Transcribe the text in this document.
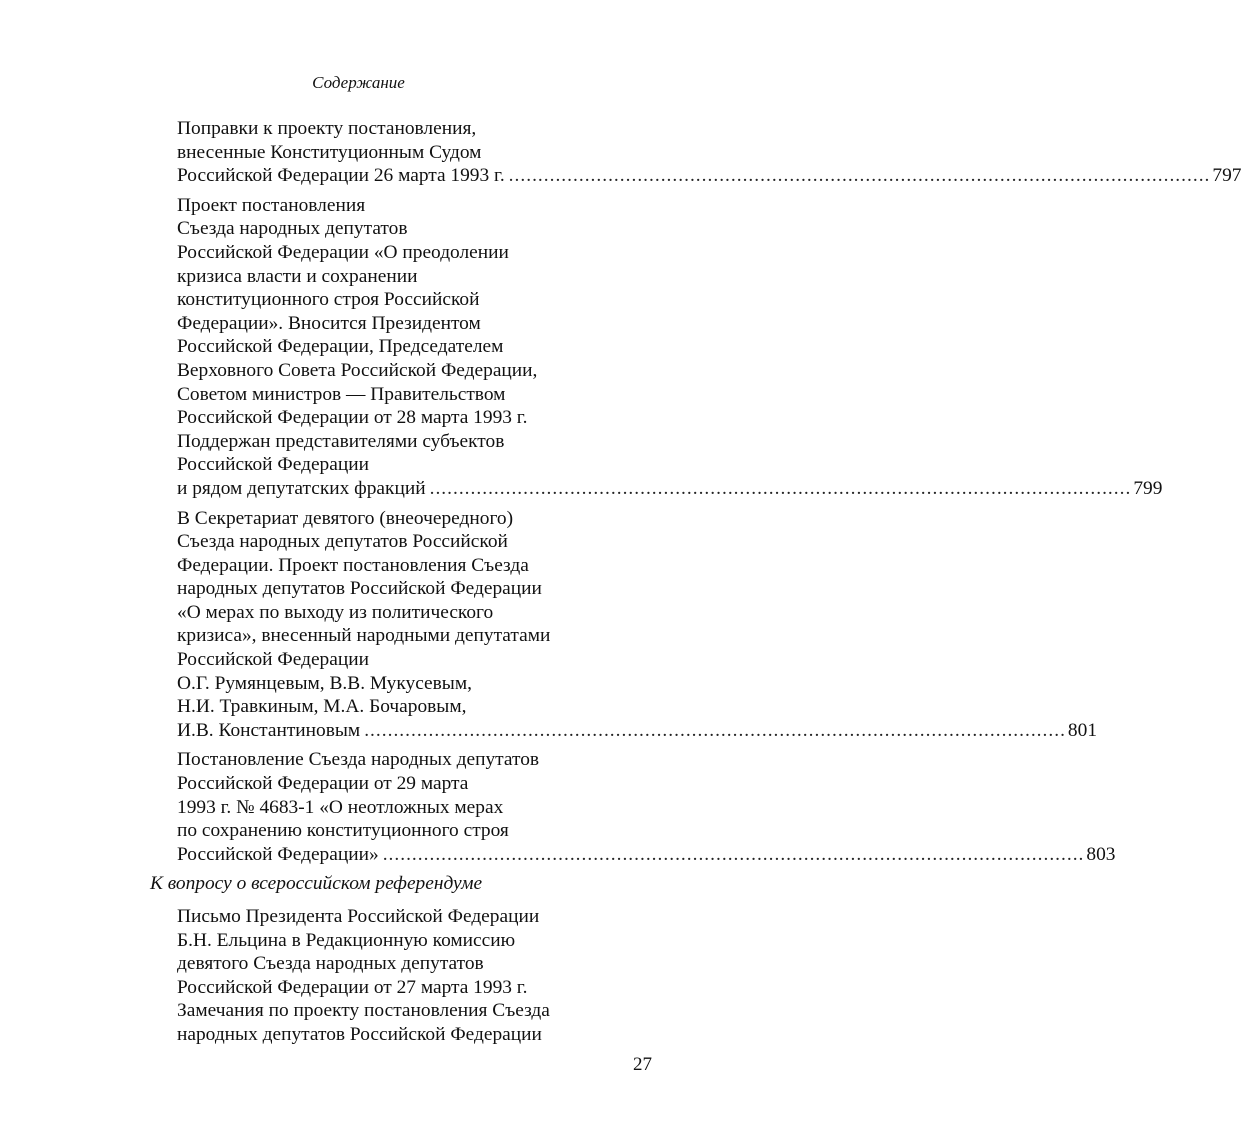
Содержание
Поправки к проекту постановления,
внесенные Конституционным Судом
Российской Федерации 26 марта 1993 г. ........................................................................................................................ 797
Проект постановления
Съезда народных депутатов
Российской Федерации «О преодолении
кризиса власти и сохранении
конституционного строя Российской
Федерации». Вносится Президентом
Российской Федерации, Председателем
Верховного Совета Российской Федерации,
Советом министров — Правительством
Российской Федерации от 28 марта 1993 г.
Поддержан представителями субъектов
Российской Федерации
и рядом депутатских фракций ........................................................................................................................ 799
В Секретариат девятого (внеочередного)
Съезда народных депутатов Российской
Федерации. Проект постановления Съезда
народных депутатов Российской Федерации
«О мерах по выходу из политического
кризиса», внесенный народными депутатами
Российской Федерации
О.Г. Румянцевым, В.В. Мукусевым,
Н.И. Травкиным, М.А. Бочаровым,
И.В. Константиновым ........................................................................................................................ 801
Постановление Съезда народных депутатов
Российской Федерации от 29 марта
1993 г. № 4683-1 «О неотложных мерах
по сохранению конституционного строя
Российской Федерации» ........................................................................................................................ 803
К вопросу о всероссийском референдуме
Письмо Президента Российской Федерации
Б.Н. Ельцина в Редакционную комиссию
девятого Съезда народных депутатов
Российской Федерации от 27 марта 1993 г.
Замечания по проекту постановления Съезда
народных депутатов Российской Федерации
27
